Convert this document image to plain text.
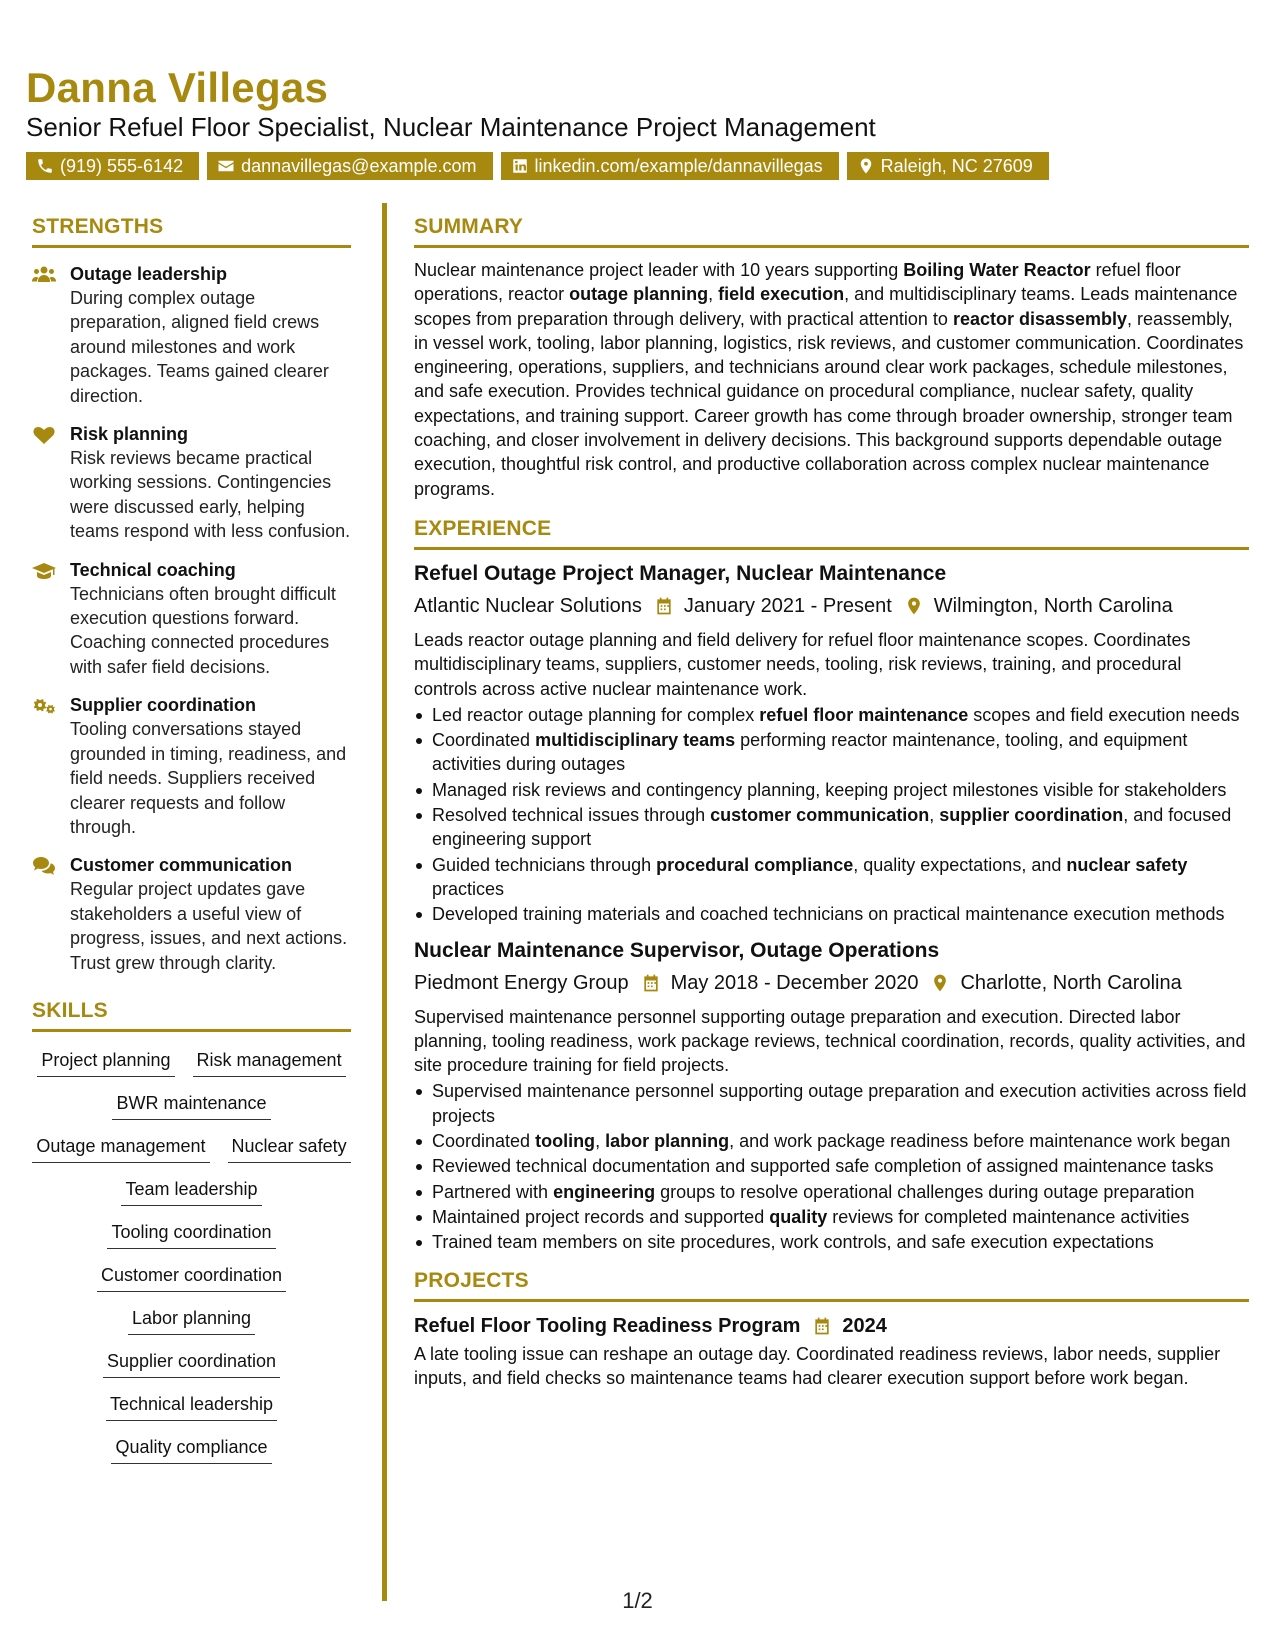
Danna Villegas
Senior Refuel Floor Specialist, Nuclear Maintenance Project Management
(919) 555-6142	dannavillegas@example.com	linkedin.com/example/dannavillegas	Raleigh, NC 27609
STRENGTHS
Outage leadership
During complex outage preparation, aligned field crews around milestones and work packages. Teams gained clearer direction.
Risk planning
Risk reviews became practical working sessions. Contingencies were discussed early, helping teams respond with less confusion.
Technical coaching
Technicians often brought difficult execution questions forward. Coaching connected procedures with safer field decisions.
Supplier coordination
Tooling conversations stayed grounded in timing, readiness, and field needs. Suppliers received clearer requests and follow through.
Customer communication
Regular project updates gave stakeholders a useful view of progress, issues, and next actions. Trust grew through clarity.
SKILLS
Project planning Risk management
BWR maintenance
Outage management Nuclear safety
Team leadership
Tooling coordination
Customer coordination
Labor planning
Supplier coordination
Technical leadership
Quality compliance
SUMMARY
Nuclear maintenance project leader with 10 years supporting Boiling Water Reactor refuel floor operations, reactor outage planning, field execution, and multidisciplinary teams. Leads maintenance scopes from preparation through delivery, with practical attention to reactor disassembly, reassembly, in vessel work, tooling, labor planning, logistics, risk reviews, and customer communication. Coordinates engineering, operations, suppliers, and technicians around clear work packages, schedule milestones, and safe execution. Provides technical guidance on procedural compliance, nuclear safety, quality expectations, and training support. Career growth has come through broader ownership, stronger team coaching, and closer involvement in delivery decisions. This background supports dependable outage execution, thoughtful risk control, and productive collaboration across complex nuclear maintenance programs.
EXPERIENCE
Refuel Outage Project Manager, Nuclear Maintenance
Atlantic Nuclear Solutions January 2021 - Present Wilmington, North Carolina
Leads reactor outage planning and field delivery for refuel floor maintenance scopes. Coordinates multidisciplinary teams, suppliers, customer needs, tooling, risk reviews, training, and procedural controls across active nuclear maintenance work.
Led reactor outage planning for complex refuel floor maintenance scopes and field execution needs
Coordinated multidisciplinary teams performing reactor maintenance, tooling, and equipment activities during outages
Managed risk reviews and contingency planning, keeping project milestones visible for stakeholders
Resolved technical issues through customer communication, supplier coordination, and focused engineering support
Guided technicians through procedural compliance, quality expectations, and nuclear safety practices
Developed training materials and coached technicians on practical maintenance execution methods
Nuclear Maintenance Supervisor, Outage Operations
Piedmont Energy Group May 2018 - December 2020 Charlotte, North Carolina
Supervised maintenance personnel supporting outage preparation and execution. Directed labor planning, tooling readiness, work package reviews, technical coordination, records, quality activities, and site procedure training for field projects.
Supervised maintenance personnel supporting outage preparation and execution activities across field projects
Coordinated tooling, labor planning, and work package readiness before maintenance work began
Reviewed technical documentation and supported safe completion of assigned maintenance tasks
Partnered with engineering groups to resolve operational challenges during outage preparation
Maintained project records and supported quality reviews for completed maintenance activities
Trained team members on site procedures, work controls, and safe execution expectations
PROJECTS
Refuel Floor Tooling Readiness Program 2024
A late tooling issue can reshape an outage day. Coordinated readiness reviews, labor needs, supplier inputs, and field checks so maintenance teams had clearer execution support before work began.
1/2
